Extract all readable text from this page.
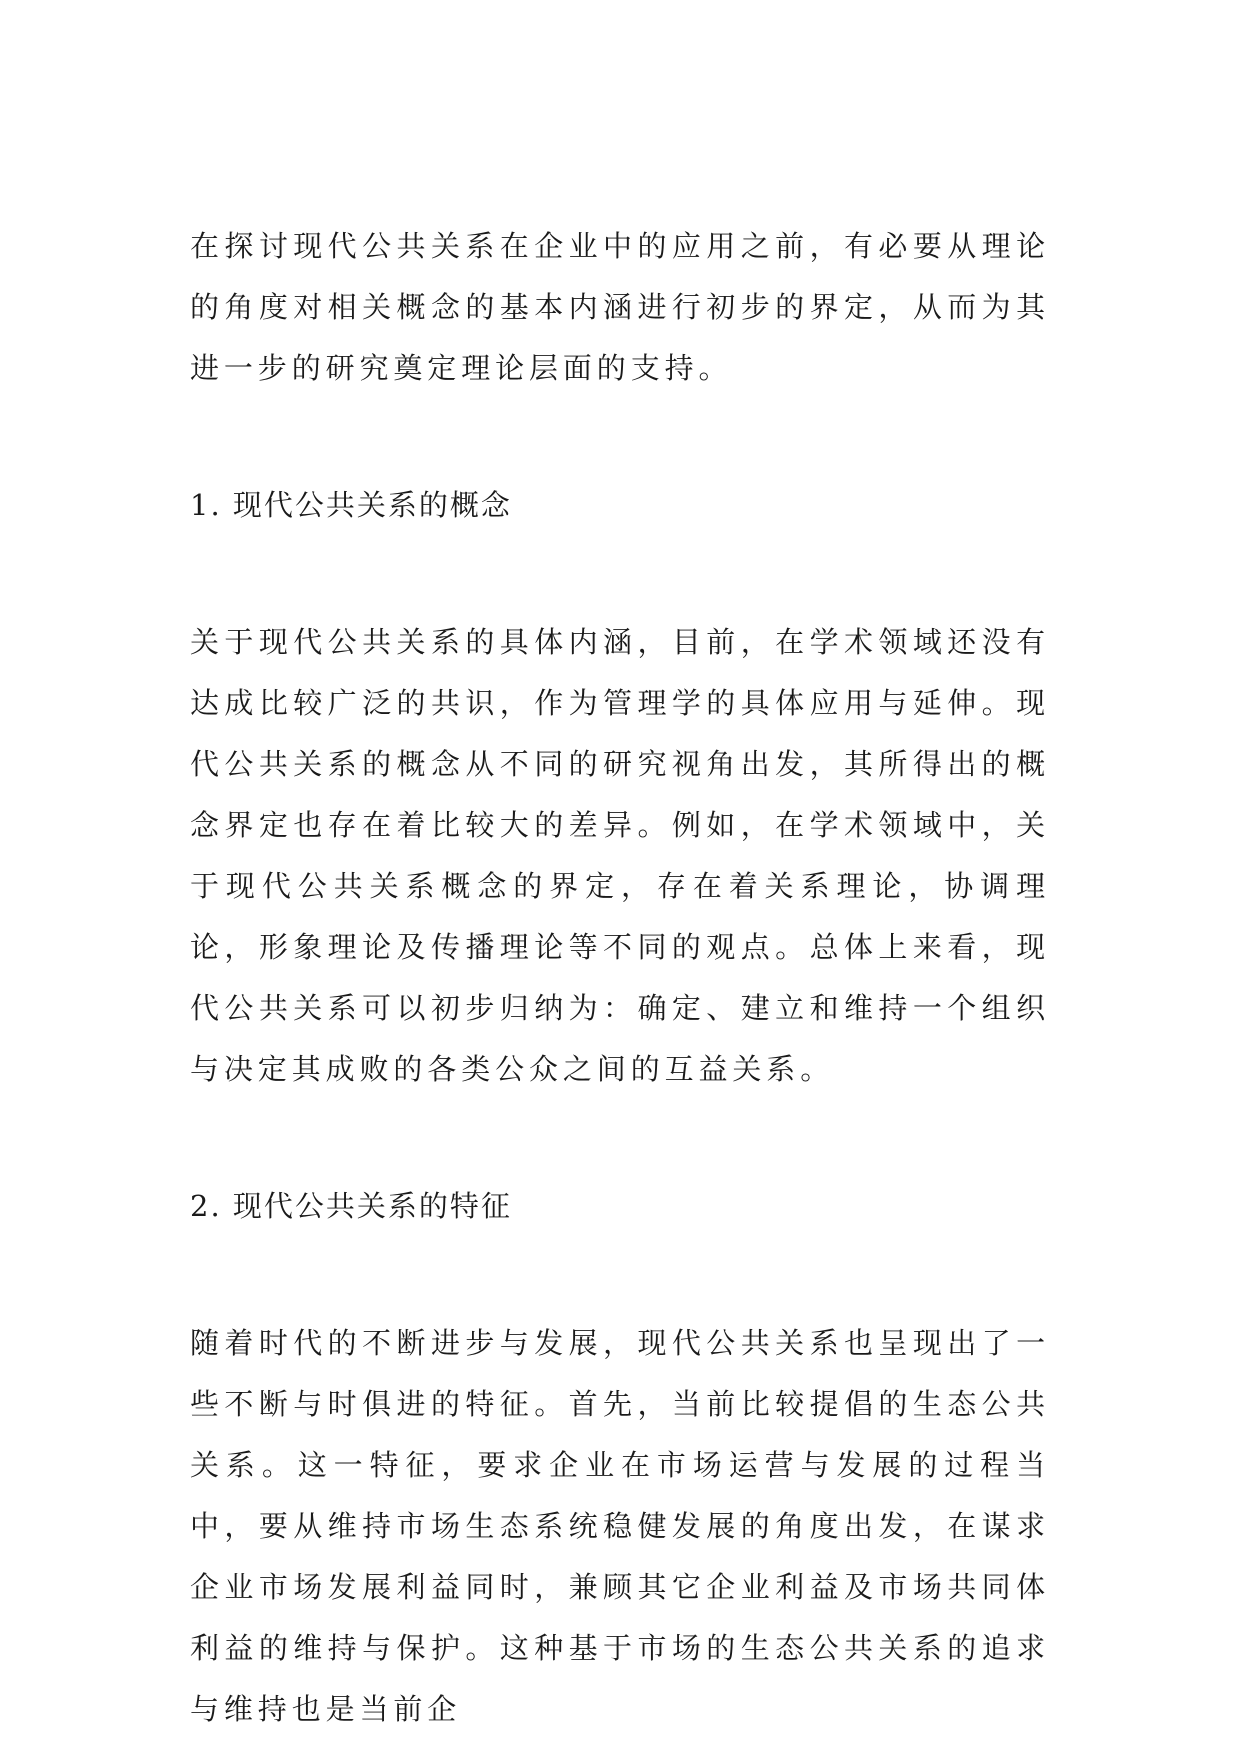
在探讨现代公共关系在企业中的应用之前，有必要从理论的角度对相关概念的基本内涵进行初步的界定，从而为其进一步的研究奠定理论层面的支持。

1. 现代公共关系的概念

关于现代公共关系的具体内涵，目前，在学术领域还没有达成比较广泛的共识，作为管理学的具体应用与延伸。现代公共关系的概念从不同的研究视角出发，其所得出的概念界定也存在着比较大的差异。例如，在学术领域中，关于现代公共关系概念的界定，存在着关系理论，协调理论，形象理论及传播理论等不同的观点。总体上来看，现代公共关系可以初步归纳为：确定、建立和维持一个组织与决定其成败的各类公众之间的互益关系。

2. 现代公共关系的特征

随着时代的不断进步与发展，现代公共关系也呈现出了一些不断与时俱进的特征。首先，当前比较提倡的生态公共关系。这一特征，要求企业在市场运营与发展的过程当中，要从维持市场生态系统稳健发展的角度出发，在谋求企业市场发展利益同时，兼顾其它企业利益及市场共同体利益的维持与保护。这种基于市场的生态公共关系的追求与维持也是当前企
